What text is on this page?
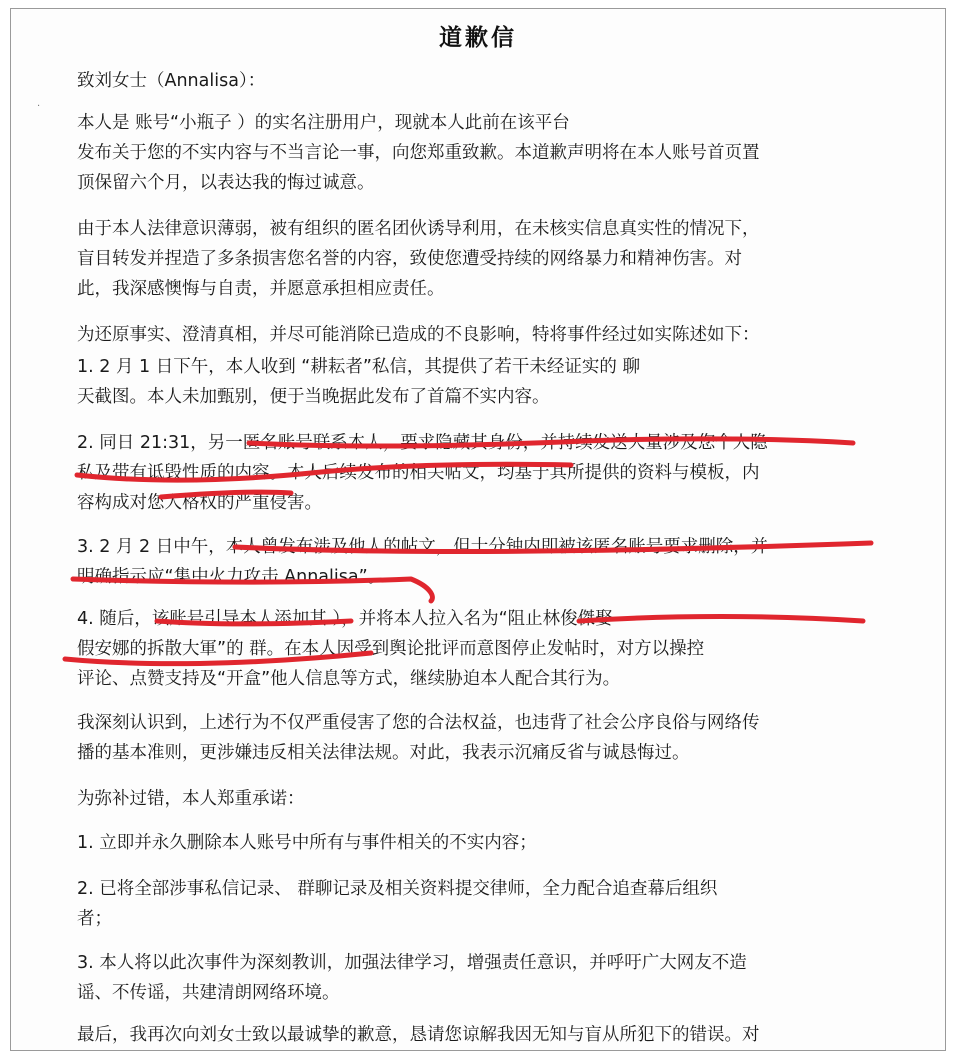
·
道歉信
致刘女士（Annalisa）：
本人是 账号“小瓶子 ）的实名注册用户，现就本人此前在该平台
发布关于您的不实内容与不当言论一事，向您郑重致歉。本道歉声明将在本人账号首页置
顶保留六个月，以表达我的悔过诚意。
由于本人法律意识薄弱，被有组织的匿名团伙诱导利用，在未核实信息真实性的情况下，
盲目转发并捏造了多条损害您名誉的内容，致使您遭受持续的网络暴力和精神伤害。对
此，我深感懊悔与自责，并愿意承担相应责任。
为还原事实、澄清真相，并尽可能消除已造成的不良影响，特将事件经过如实陈述如下：
1. 2 月 1 日下午，本人收到 “耕耘者”私信，其提供了若干未经证实的 聊
天截图。本人未加甄别，便于当晚据此发布了首篇不实内容。
2. 同日 21:31，另一匿名账号联系本人，要求隐藏其身份，并持续发送大量涉及您个人隐
私及带有诋毁性质的内容。本人后续发布的相关帖文，均基于其所提供的资料与模板，内
容构成对您人格权的严重侵害。
3. 2 月 2 日中午，本人曾发布涉及他人的帖文，但十分钟内即被该匿名账号要求删除，并
明确指示应“集中火力攻击 Annalisa”。
4. 随后，该账号引导本人添加其 ），并将本人拉入名为“阻止林俊傑娶
假安娜的拆散大軍”的 群。在本人因受到舆论批评而意图停止发帖时，对方以操控
评论、点赞支持及“开盒”他人信息等方式，继续胁迫本人配合其行为。
我深刻认识到，上述行为不仅严重侵害了您的合法权益，也违背了社会公序良俗与网络传
播的基本准则，更涉嫌违反相关法律法规。对此，我表示沉痛反省与诚恳悔过。
为弥补过错，本人郑重承诺：
1. 立即并永久删除本人账号中所有与事件相关的不实内容；
2. 已将全部涉事私信记录、 群聊记录及相关资料提交律师，全力配合追查幕后组织
者；
3. 本人将以此次事件为深刻教训，加强法律学习，增强责任意识，并呼吁广大网友不造
谣、不传谣，共建清朗网络环境。
最后，我再次向刘女士致以最诚挚的歉意，恳请您谅解我因无知与盲从所犯下的错误。对
